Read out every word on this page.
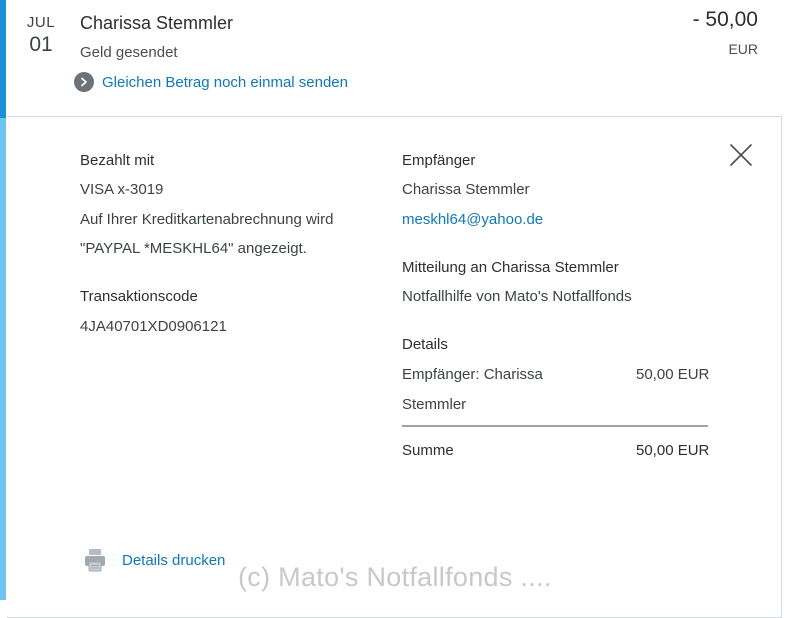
JUL
01
Charissa Stemmler
Geld gesendet
Gleichen Betrag noch einmal senden
- 50,00
EUR
Bezahlt mit
VISA x-3019
Auf Ihrer Kreditkartenabrechnung wird
"PAYPAL *MESKHL64" angezeigt.
Transaktionscode
4JA40701XD0906121
Empfänger
Charissa Stemmler
meskhl64@yahoo.de
Mitteilung an Charissa Stemmler
Notfallhilfe von Mato's Notfallfonds
Details
Empfänger: Charissa
Stemmler
50,00 EUR
Summe	50,00 EUR
Details drucken
(c) Mato's Notfallfonds ....
